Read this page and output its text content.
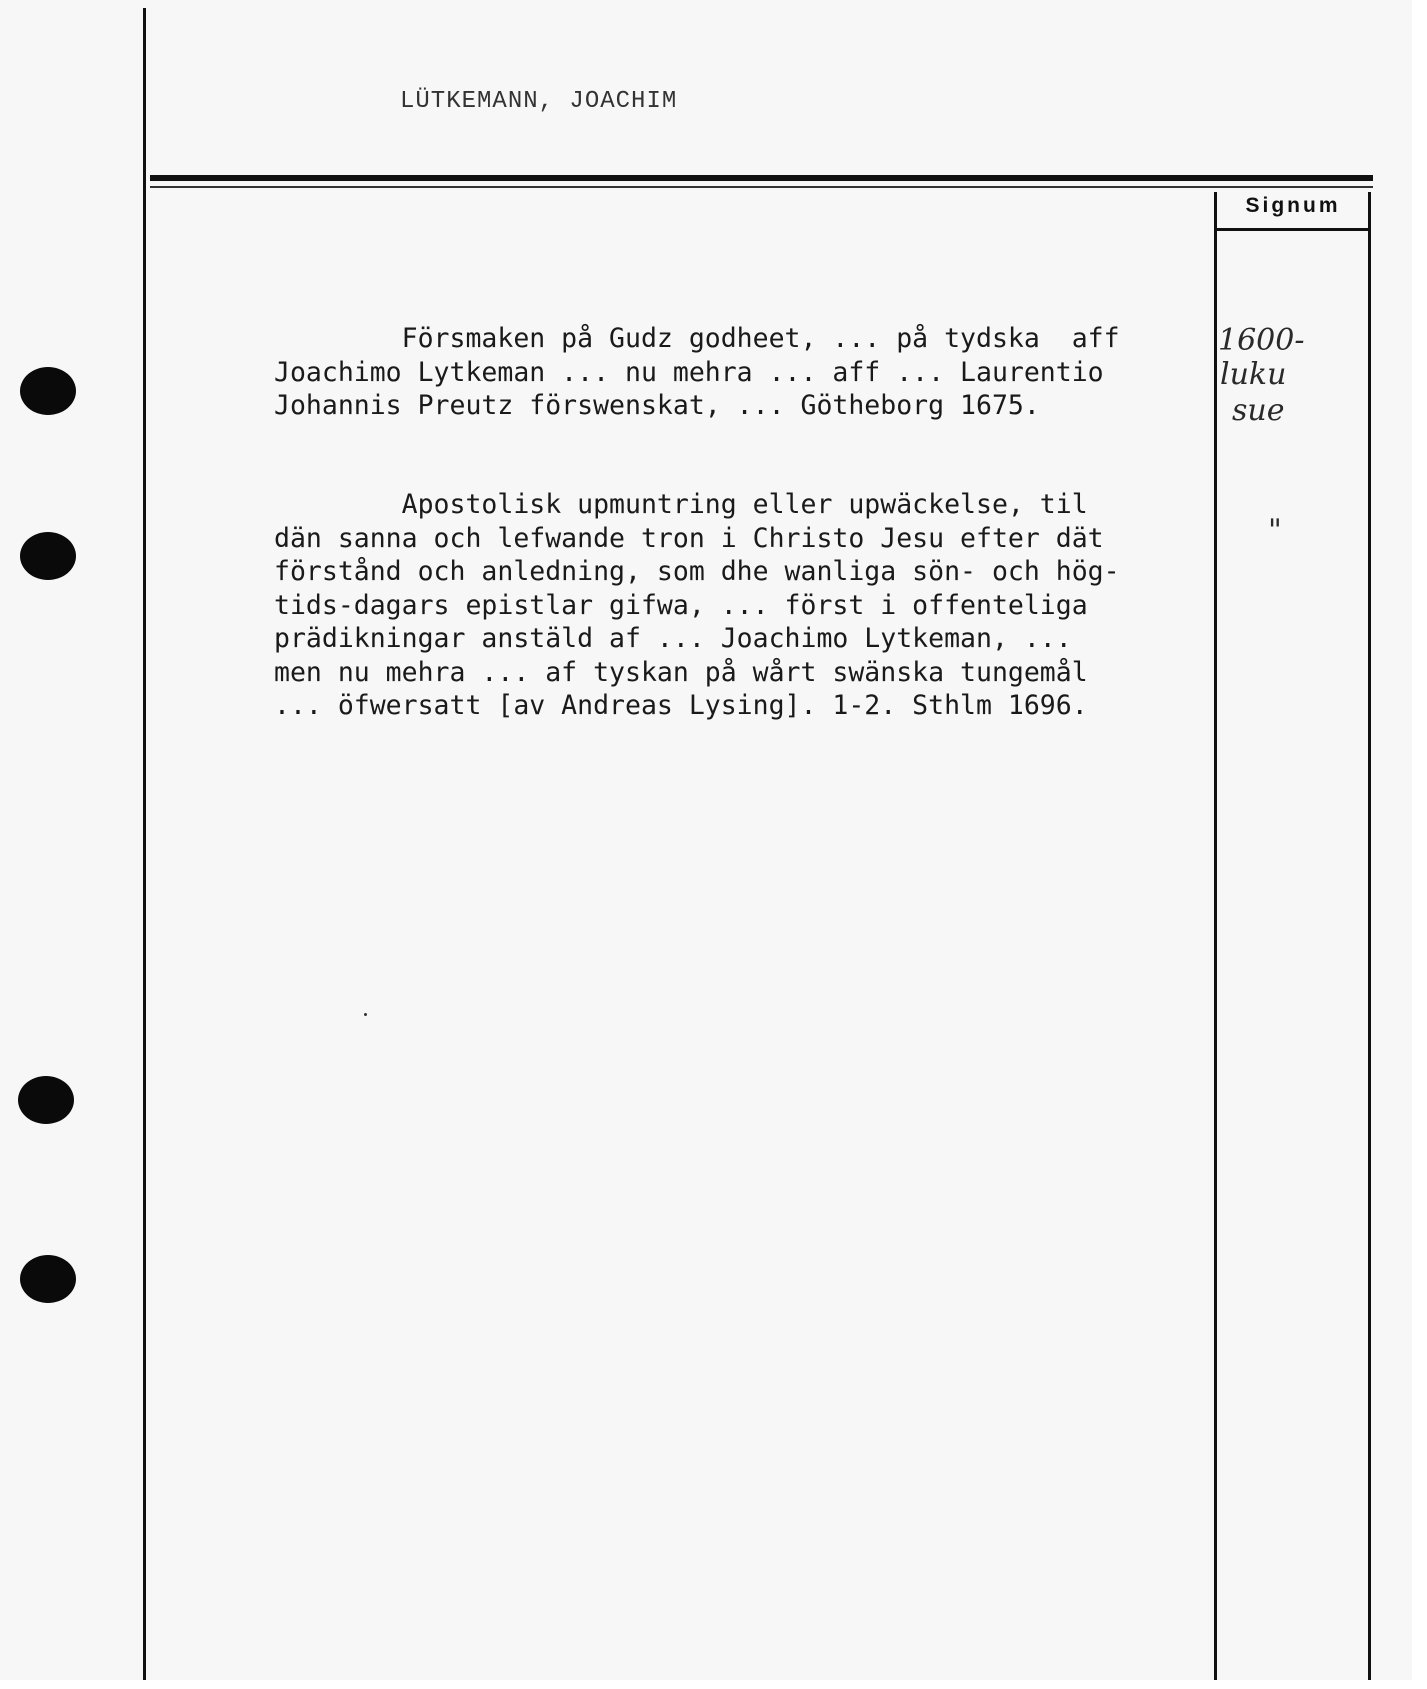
LÜTKEMANN, JOACHIM
Signum
Försmaken på Gudz godheet, ... på tydska  aff
Joachimo Lytkeman ... nu mehra ... aff ... Laurentio
Johannis Preutz förswenskat, ... Götheborg 1675.
Apostolisk upmuntring eller upwäckelse, til
dän sanna och lefwande tron i Christo Jesu efter dät
förstånd och anledning, som dhe wanliga sön- och hög-
tids-dagars epistlar gifwa, ... först i offenteliga
prädikningar anstäld af ... Joachimo Lytkeman, ...
men nu mehra ... af tyskan på wårt swänska tungemål
... öfwersatt [av Andreas Lysing]. 1-2. Sthlm 1696.
1600-
luku
sue
"
